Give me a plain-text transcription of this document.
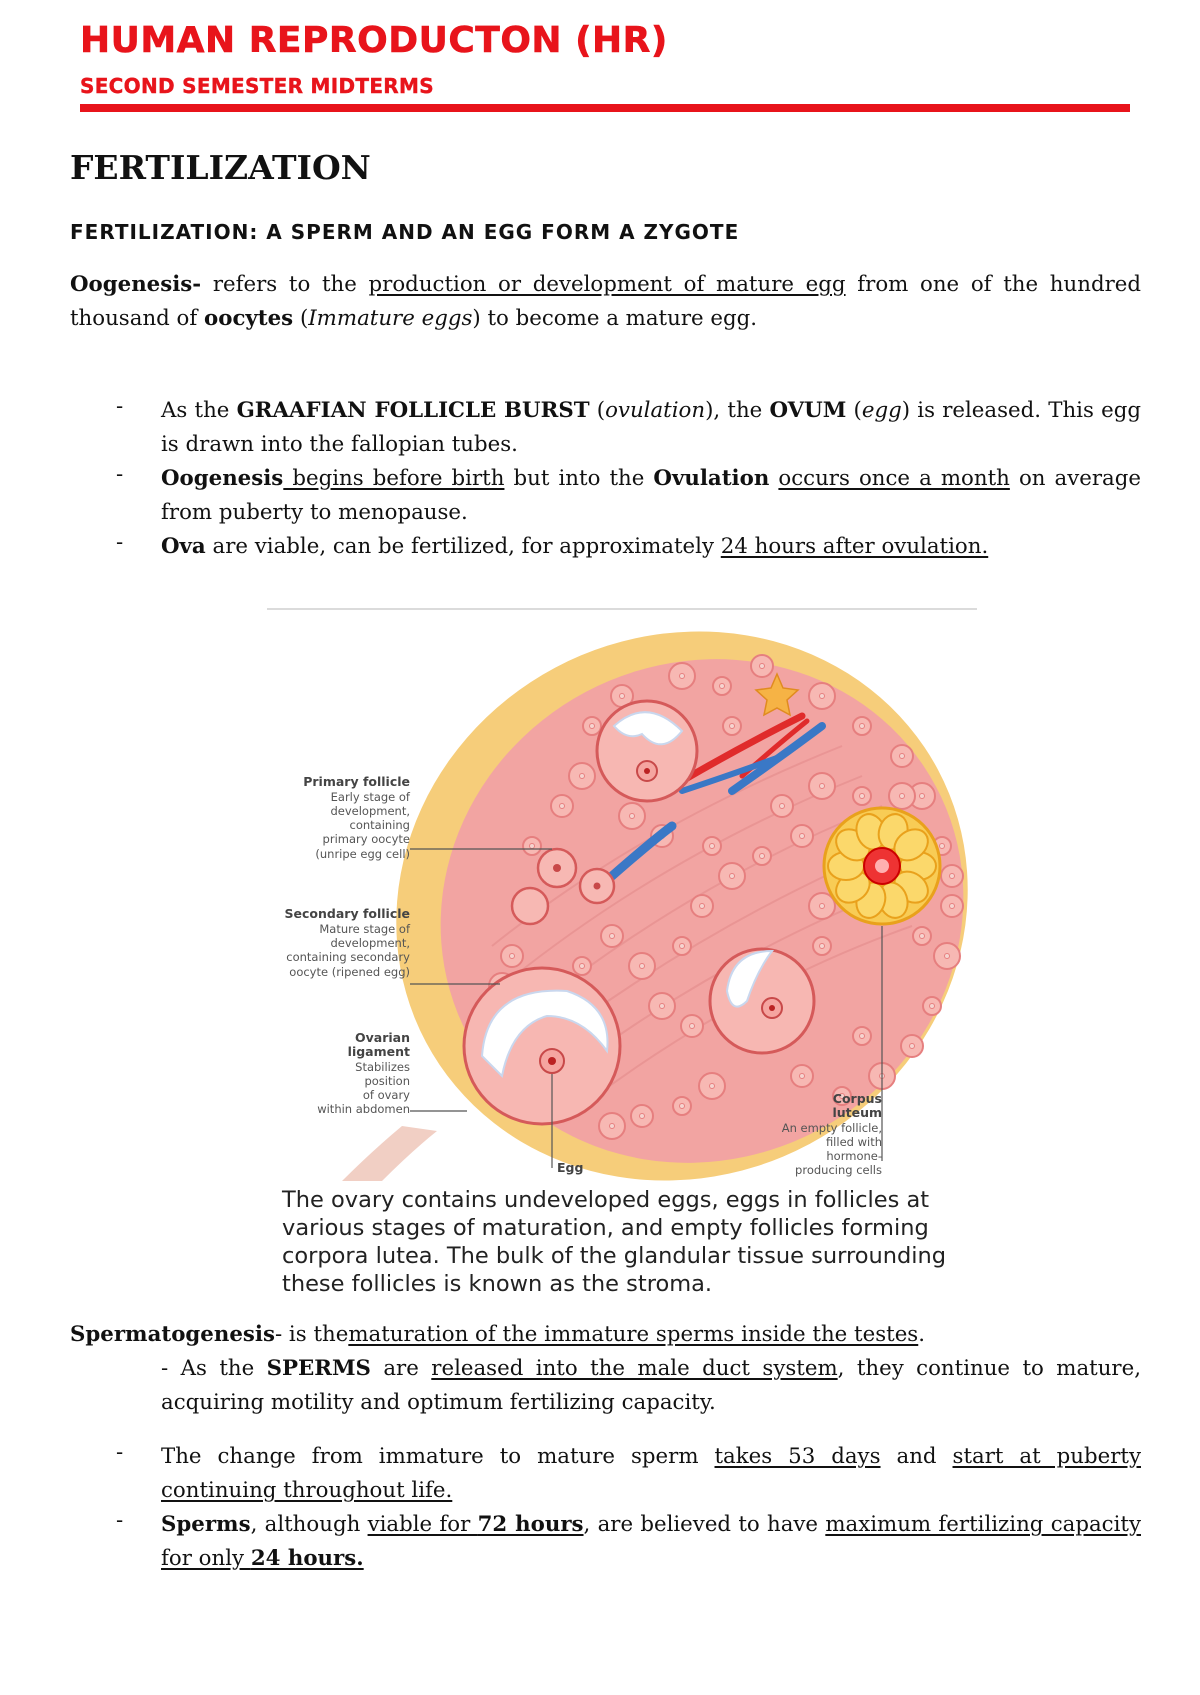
HUMAN REPRODUCTON (HR)
SECOND SEMESTER MIDTERMS
FERTILIZATION
FERTILIZATION: A SPERM AND AN EGG FORM A ZYGOTE
Oogenesis- refers to the production or development of mature egg from one of the hundred thousand of oocytes (Immature eggs) to become a mature egg.
- As the GRAAFIAN FOLLICLE BURST (ovulation), the OVUM (egg) is released. This egg is drawn into the fallopian tubes.
- Oogenesis begins before birth but into the Ovulation occurs once a month on average from puberty to menopause.
- Ova are viable, can be fertilized, for approximately 24 hours after ovulation.
Primary follicle
Early stage of
development,
containing
primary oocyte
(unripe egg cell)
Secondary follicle
Mature stage of
development,
containing secondary
oocyte (ripened egg)
Ovarian
ligament
Stabilizes
position
of ovary
within abdomen
Corpus
luteum
An empty follicle,
filled with
hormone-
producing cells
Egg
The ovary contains undeveloped eggs, eggs in follicles at
various stages of maturation, and empty follicles forming
corpora lutea. The bulk of the glandular tissue surrounding
these follicles is known as the stroma.
Spermatogenesis- is thematuration of the immature sperms inside the testes.
- As the SPERMS are released into the male duct system, they continue to mature, acquiring motility and optimum fertilizing capacity.
- The change from immature to mature sperm takes 53 days and start at puberty continuing throughout life.
- Sperms, although viable for 72 hours, are believed to have maximum fertilizing capacity for only 24 hours.
